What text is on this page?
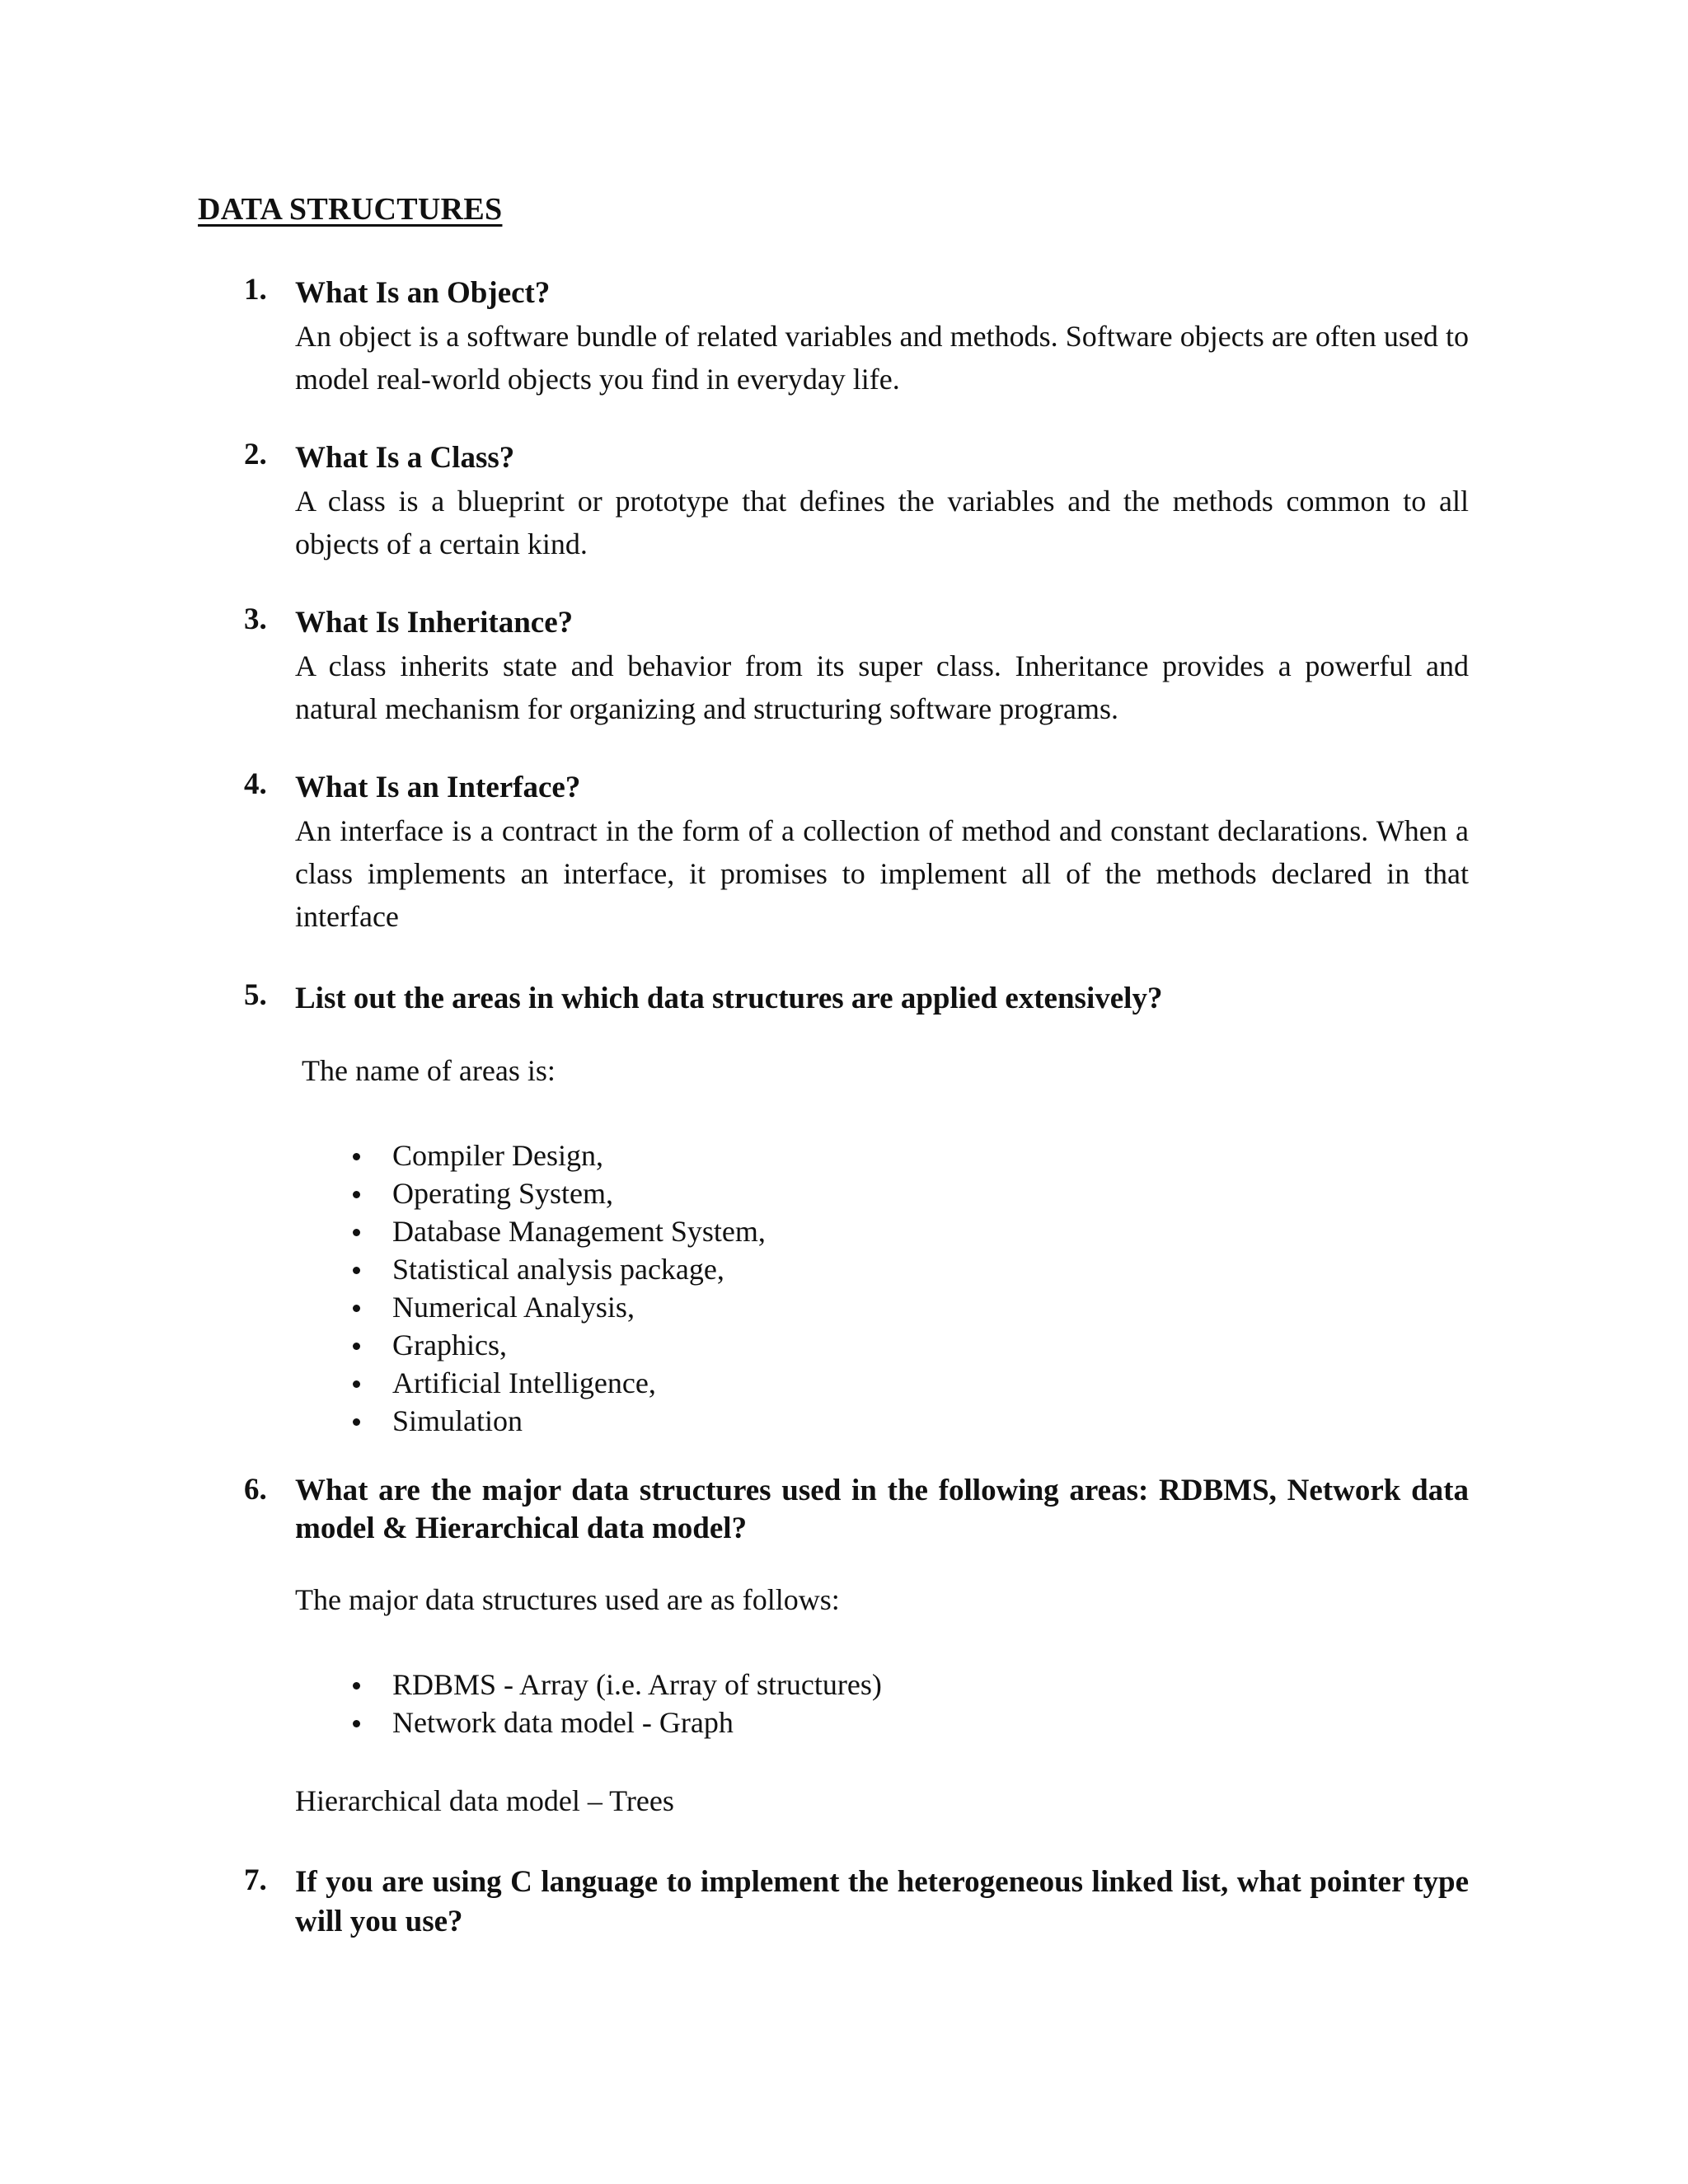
DATA STRUCTURES
1. What Is an Object?
An object is a software bundle of related variables and methods. Software objects are often used to model real-world objects you find in everyday life.
2. What Is a Class?
A class is a blueprint or prototype that defines the variables and the methods common to all objects of a certain kind.
3. What Is Inheritance?
A class inherits state and behavior from its super class. Inheritance provides a powerful and natural mechanism for organizing and structuring software programs.
4. What Is an Interface?
An interface is a contract in the form of a collection of method and constant declarations. When a class implements an interface, it promises to implement all of the methods declared in that interface
5. List out the areas in which data structures are applied extensively?
The name of areas is:
Compiler Design,
Operating System,
Database Management System,
Statistical analysis package,
Numerical Analysis,
Graphics,
Artificial Intelligence,
Simulation
6. What are the major data structures used in the following areas: RDBMS, Network data model & Hierarchical data model?
The major data structures used are as follows:
RDBMS - Array (i.e. Array of structures)
Network data model - Graph
Hierarchical data model – Trees
7. If you are using C language to implement the heterogeneous linked list, what pointer type will you use?
